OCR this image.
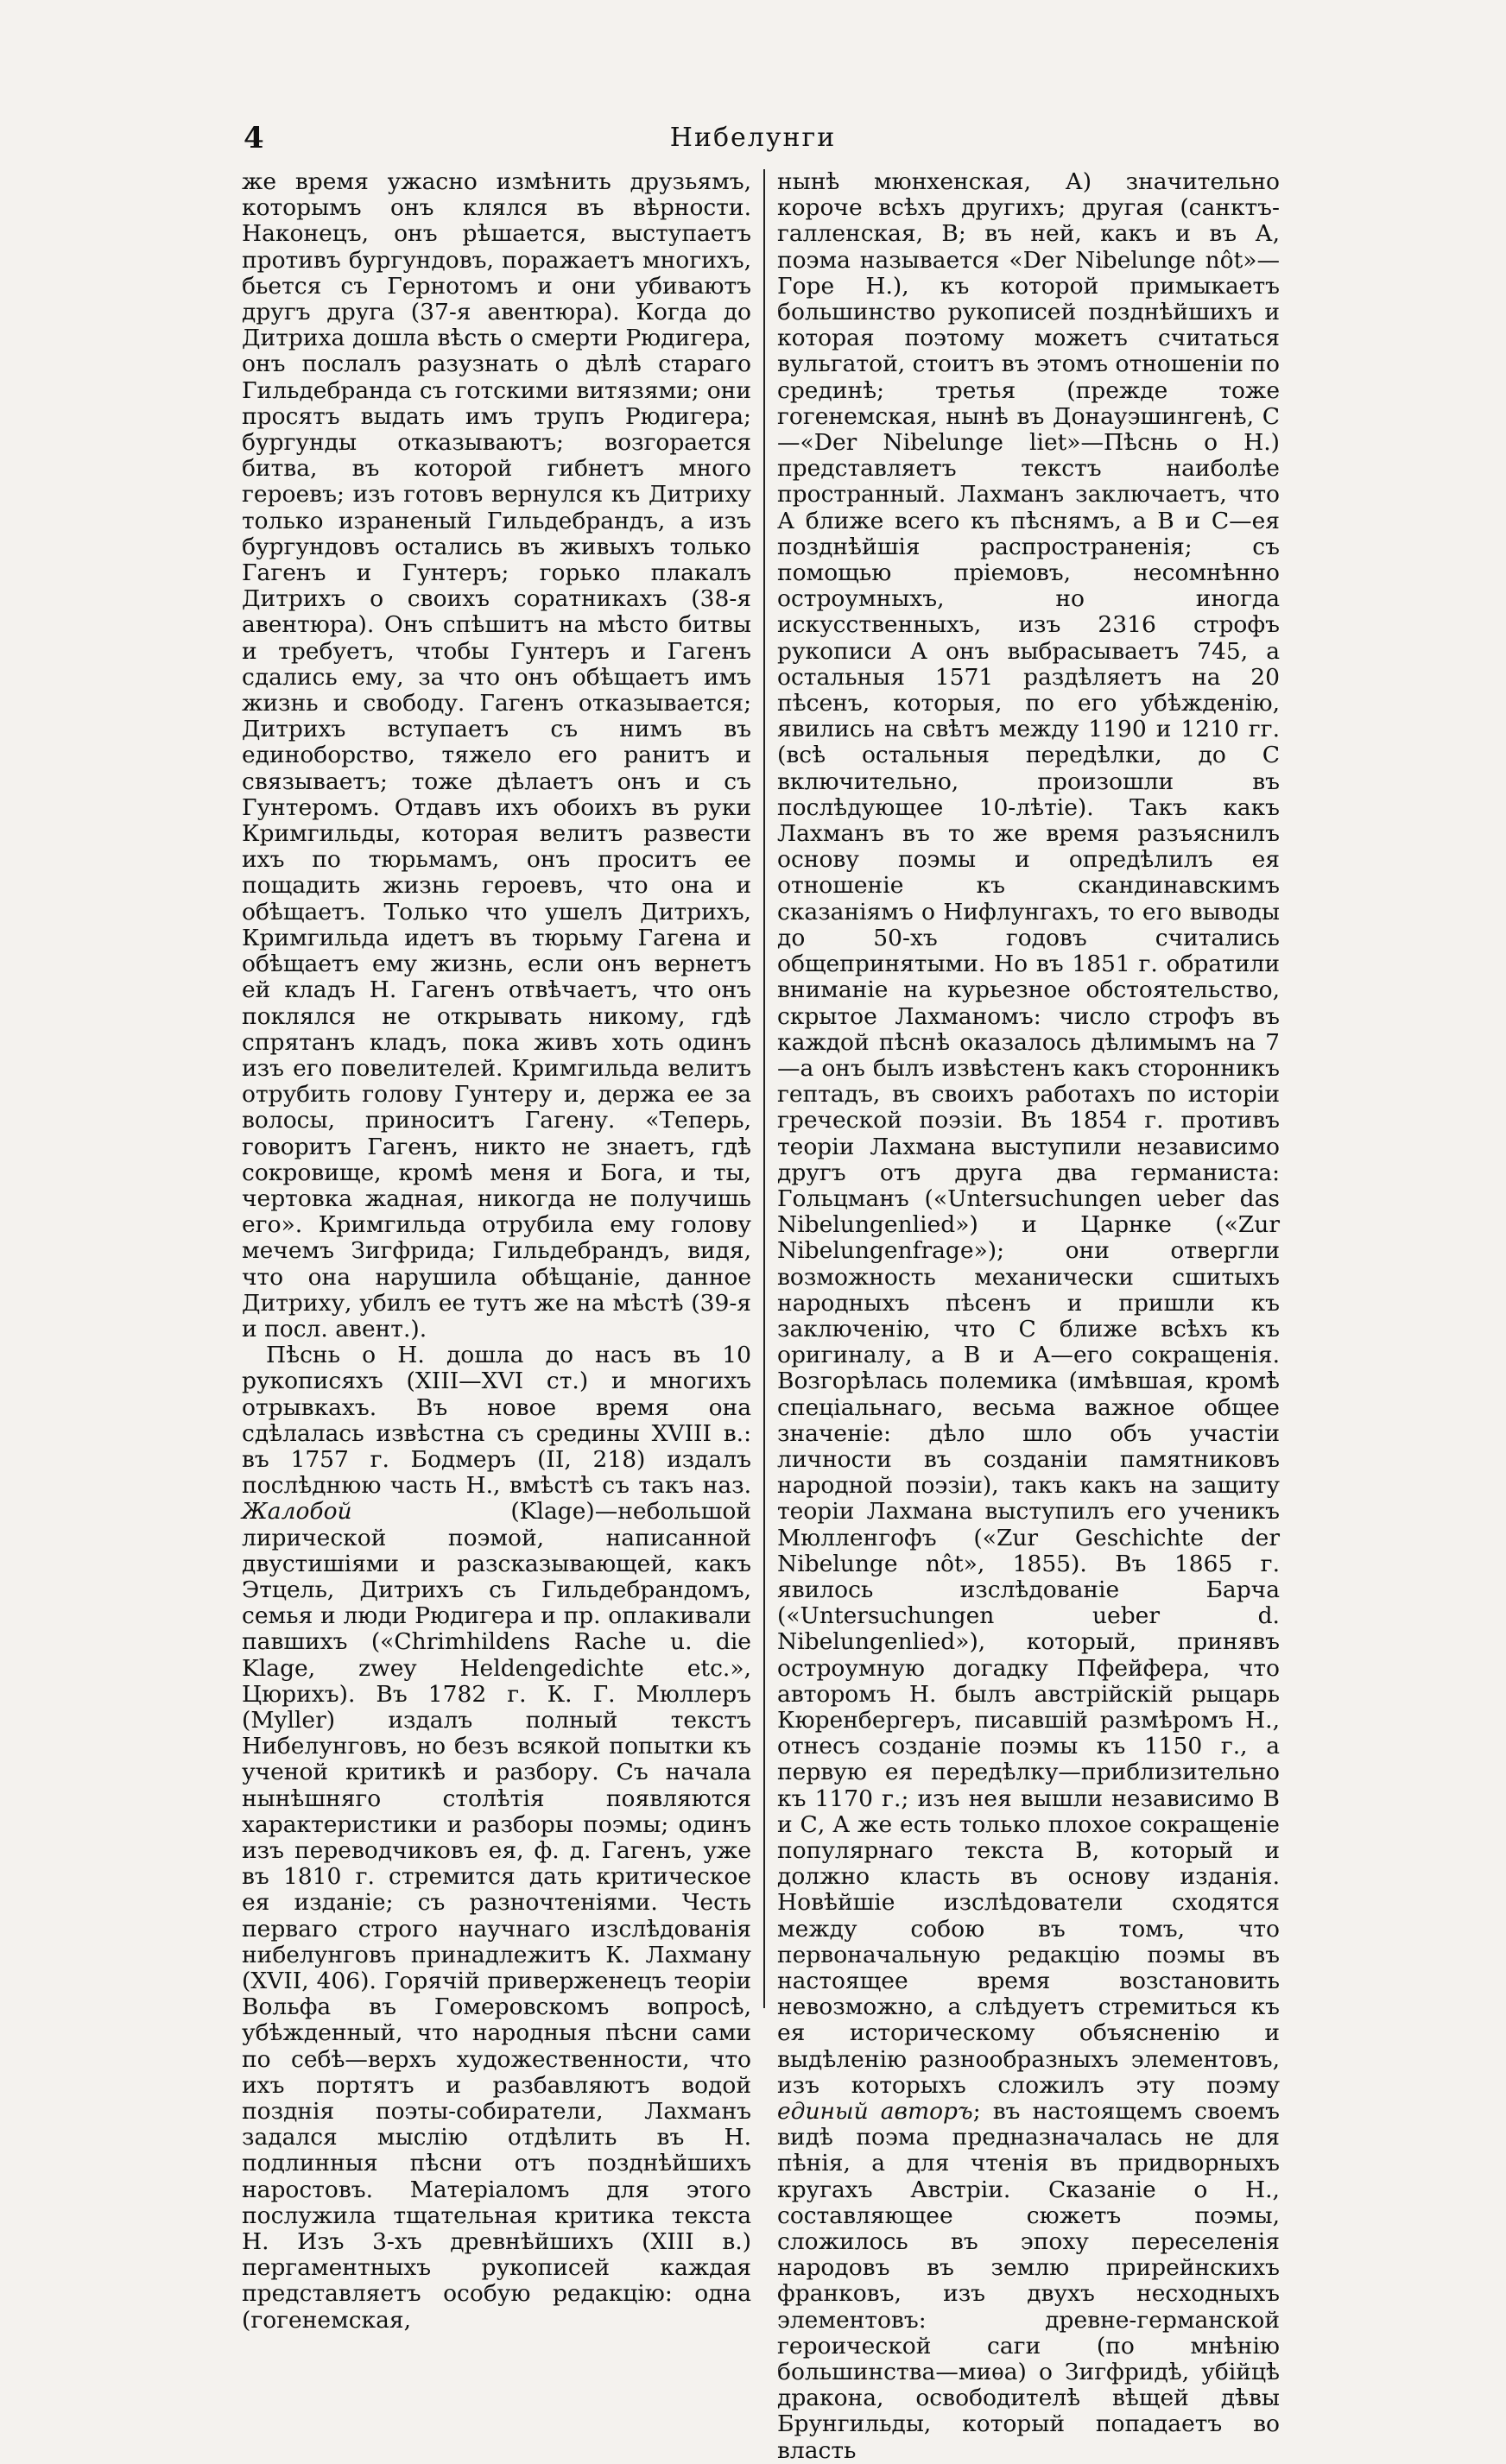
4	Нибелунги

же время ужасно измѣнить друзьямъ, которымъ онъ клялся въ вѣрности. Наконецъ, онъ рѣшается, выступаетъ противъ бургундовъ, поражаетъ многихъ, бьется съ Гернотомъ и они убиваютъ другъ друга (37-я авентюра). Когда до Дитриха дошла вѣсть о смерти Рюдигера, онъ послалъ разузнать о дѣлѣ стараго Гильдебранда съ готскими витязями; они просятъ выдать имъ трупъ Рюдигера; бургунды отказываютъ; возгорается битва, въ которой гибнетъ много героевъ; изъ готовъ вернулся къ Дитриху только израненый Гильдебрандъ, а изъ бургундовъ остались въ живыхъ только Гагенъ и Гунтеръ; горько плакалъ Дитрихъ о своихъ соратникахъ (38-я авентюра). Онъ спѣшитъ на мѣсто битвы и требуетъ, чтобы Гунтеръ и Гагенъ сдались ему, за что онъ обѣщаетъ имъ жизнь и свободу. Гагенъ отказывается; Дитрихъ вступаетъ съ нимъ въ единоборство, тяжело его ранитъ и связываетъ; тоже дѣлаетъ онъ и съ Гунтеромъ. Отдавъ ихъ обоихъ въ руки Кримгильды, которая велитъ развести ихъ по тюрьмамъ, онъ проситъ ее пощадить жизнь героевъ, что она и обѣщаетъ. Только что ушелъ Дитрихъ, Кримгильда идетъ въ тюрьму Гагена и обѣщаетъ ему жизнь, если онъ вернетъ ей кладъ Н. Гагенъ отвѣчаетъ, что онъ поклялся не открывать никому, гдѣ спрятанъ кладъ, пока живъ хоть одинъ изъ его повелителей. Кримгильда велитъ отрубить голову Гунтеру и, держа ее за волосы, приноситъ Гагену. «Теперь, говоритъ Гагенъ, никто не знаетъ, гдѣ сокровище, кромѣ меня и Бога, и ты, чертовка жадная, никогда не получишь его». Кримгильда отрубила ему голову мечемъ Зигфрида; Гильдебрандъ, видя, что она нарушила обѣщаніе, данное Дитриху, убилъ ее тутъ же на мѣстѣ (39-я и посл. авент.).

Пѣснь о Н. дошла до насъ въ 10 рукописяхъ (XIII—XVI ст.) и многихъ отрывкахъ. Въ новое время она сдѣлалась извѣстна съ средины XVIII в.: въ 1757 г. Бодмеръ (II, 218) издалъ послѣднюю часть Н., вмѣстѣ съ такъ наз. Жалобой	(Klage)—небольшой лирической поэмой, написанной двустишіями и разсказывающей, какъ Этцель, Дитрихъ съ Гильдебрандомъ, семья и люди Рюдигера и пр. оплакивали павшихъ («Chrimhildens Rache u. die Klage, zwey Heldengedichte etc.», Цюрихъ). Въ 1782 г. К. Г. Мюллеръ (Myller) издалъ полный текстъ Нибелунговъ, но безъ всякой попытки къ ученой критикѣ и разбору. Съ начала нынѣшняго столѣтія появляются характеристики и разборы поэмы; одинъ изъ переводчиковъ ея, ф. д. Гагенъ, уже въ 1810 г. стремится дать критическое ея изданіе; съ разночтеніями. Честь перваго строго научнаго изслѣдованія нибелунговъ принадлежитъ К. Лахману (XVII, 406). Горячій приверженецъ теоріи Вольфа въ Гомеровскомъ вопросѣ, убѣжденный, что народныя пѣсни сами по себѣ—верхъ художественности, что ихъ портятъ и разбавляютъ водой позднія поэты-собиратели, Лахманъ задался мыслію отдѣлить въ Н. подлинныя пѣсни отъ позднѣйшихъ наростовъ. Матеріаломъ для этого послужила тщательная критика текста Н. Изъ 3-хъ древнѣйшихъ (XIII в.) пергаментныхъ рукописей каждая представляетъ особую редакцію: одна (гогенемская,

нынѣ мюнхенская, А) значительно короче всѣхъ другихъ; другая (санктъ-галленская, В; въ ней, какъ и въ А, поэма называется «Der Nibelunge nôt»—Горе Н.), къ которой примыкаетъ большинство рукописей позднѣйшихъ и которая поэтому можетъ считаться вульгатой, стоитъ въ этомъ отношеніи по срединѣ; третья (прежде тоже гогенемская, нынѣ въ Донауэшингенѣ, С—«Der Nibelunge liet»—Пѣснь о Н.) представляетъ текстъ наиболѣе пространный. Лахманъ заключаетъ, что А ближе всего къ пѣснямъ, а В и С—ея позднѣйшія распространенія; съ помощью пріемовъ, несомнѣнно остроумныхъ, но иногда искусственныхъ, изъ 2316 строфъ рукописи А онъ выбрасываетъ 745, а остальныя 1571 раздѣляетъ на 20 пѣсенъ, которыя, по его убѣжденію, явились на свѣтъ между 1190 и 1210 гг. (всѣ остальныя передѣлки, до С включительно, произошли въ послѣдующее 10-лѣтіе). Такъ какъ Лахманъ въ то же время разъяснилъ основу поэмы и опредѣлилъ ея отношеніе къ скандинавскимъ сказаніямъ о Нифлунгахъ, то его выводы до 50-хъ годовъ считались общепринятыми. Но въ 1851 г. обратили вниманіе на курьезное обстоятельство, скрытое Лахманомъ: число строфъ въ каждой пѣснѣ оказалось дѣлимымъ на 7—а онъ былъ извѣстенъ какъ сторонникъ гептадъ, въ своихъ работахъ по исторіи греческой поэзіи. Въ 1854 г. противъ теоріи Лахмана выступили независимо другъ отъ друга два германиста: Гольцманъ («Untersuchungen ueber das Nibelungenlied») и Царнке («Zur Nibelungenfrage»); они отвергли возможность механически сшитыхъ народныхъ пѣсенъ и пришли къ заключенію, что С ближе всѣхъ къ оригиналу, а В и А—его сокращенія. Возгорѣлась полемика (имѣвшая, кромѣ спеціальнаго, весьма важное общее значеніе: дѣло шло объ участіи личности въ созданіи памятниковъ народной поэзіи), такъ какъ на защиту теоріи Лахмана выступилъ его ученикъ Мюлленгофъ («Zur Geschichte der Nibelunge nôt», 1855). Въ 1865 г. явилось изслѣдованіе Барча («Untersuchungen ueber d. Nibelungenlied»), который, принявъ остроумную догадку Пфейфера, что авторомъ Н. былъ австрійскій рыцарь Кюренбергеръ, писавшій размѣромъ Н., отнесъ созданіе поэмы къ 1150 г., а первую ея передѣлку—приблизительно къ 1170 г.; изъ нея вышли независимо В и С, А же есть только плохое сокращеніе популярнаго текста В, который и должно класть въ основу изданія. Новѣйшіе изслѣдователи сходятся между собою въ томъ, что первоначальную редакцію поэмы въ настоящее время возстановить невозможно, а слѣдуетъ стремиться къ ея историческому объясненію и выдѣленію разнообразныхъ элементовъ, изъ которыхъ сложилъ эту поэму единый авторъ; въ настоящемъ своемъ видѣ поэма предназначалась не для пѣнія, а для чтенія въ придворныхъ кругахъ Австріи. Сказаніе о Н., составляющее сюжетъ поэмы, сложилось въ эпоху переселенія народовъ въ землю прирейнскихъ франковъ, изъ двухъ несходныхъ элементовъ: древне-германской героической саги (по мнѣнію большинства—миѳа) о Зигфридѣ, убійцѣ дракона, освободителѣ вѣщей дѣвы Брунгильды, который попадаетъ во власть
